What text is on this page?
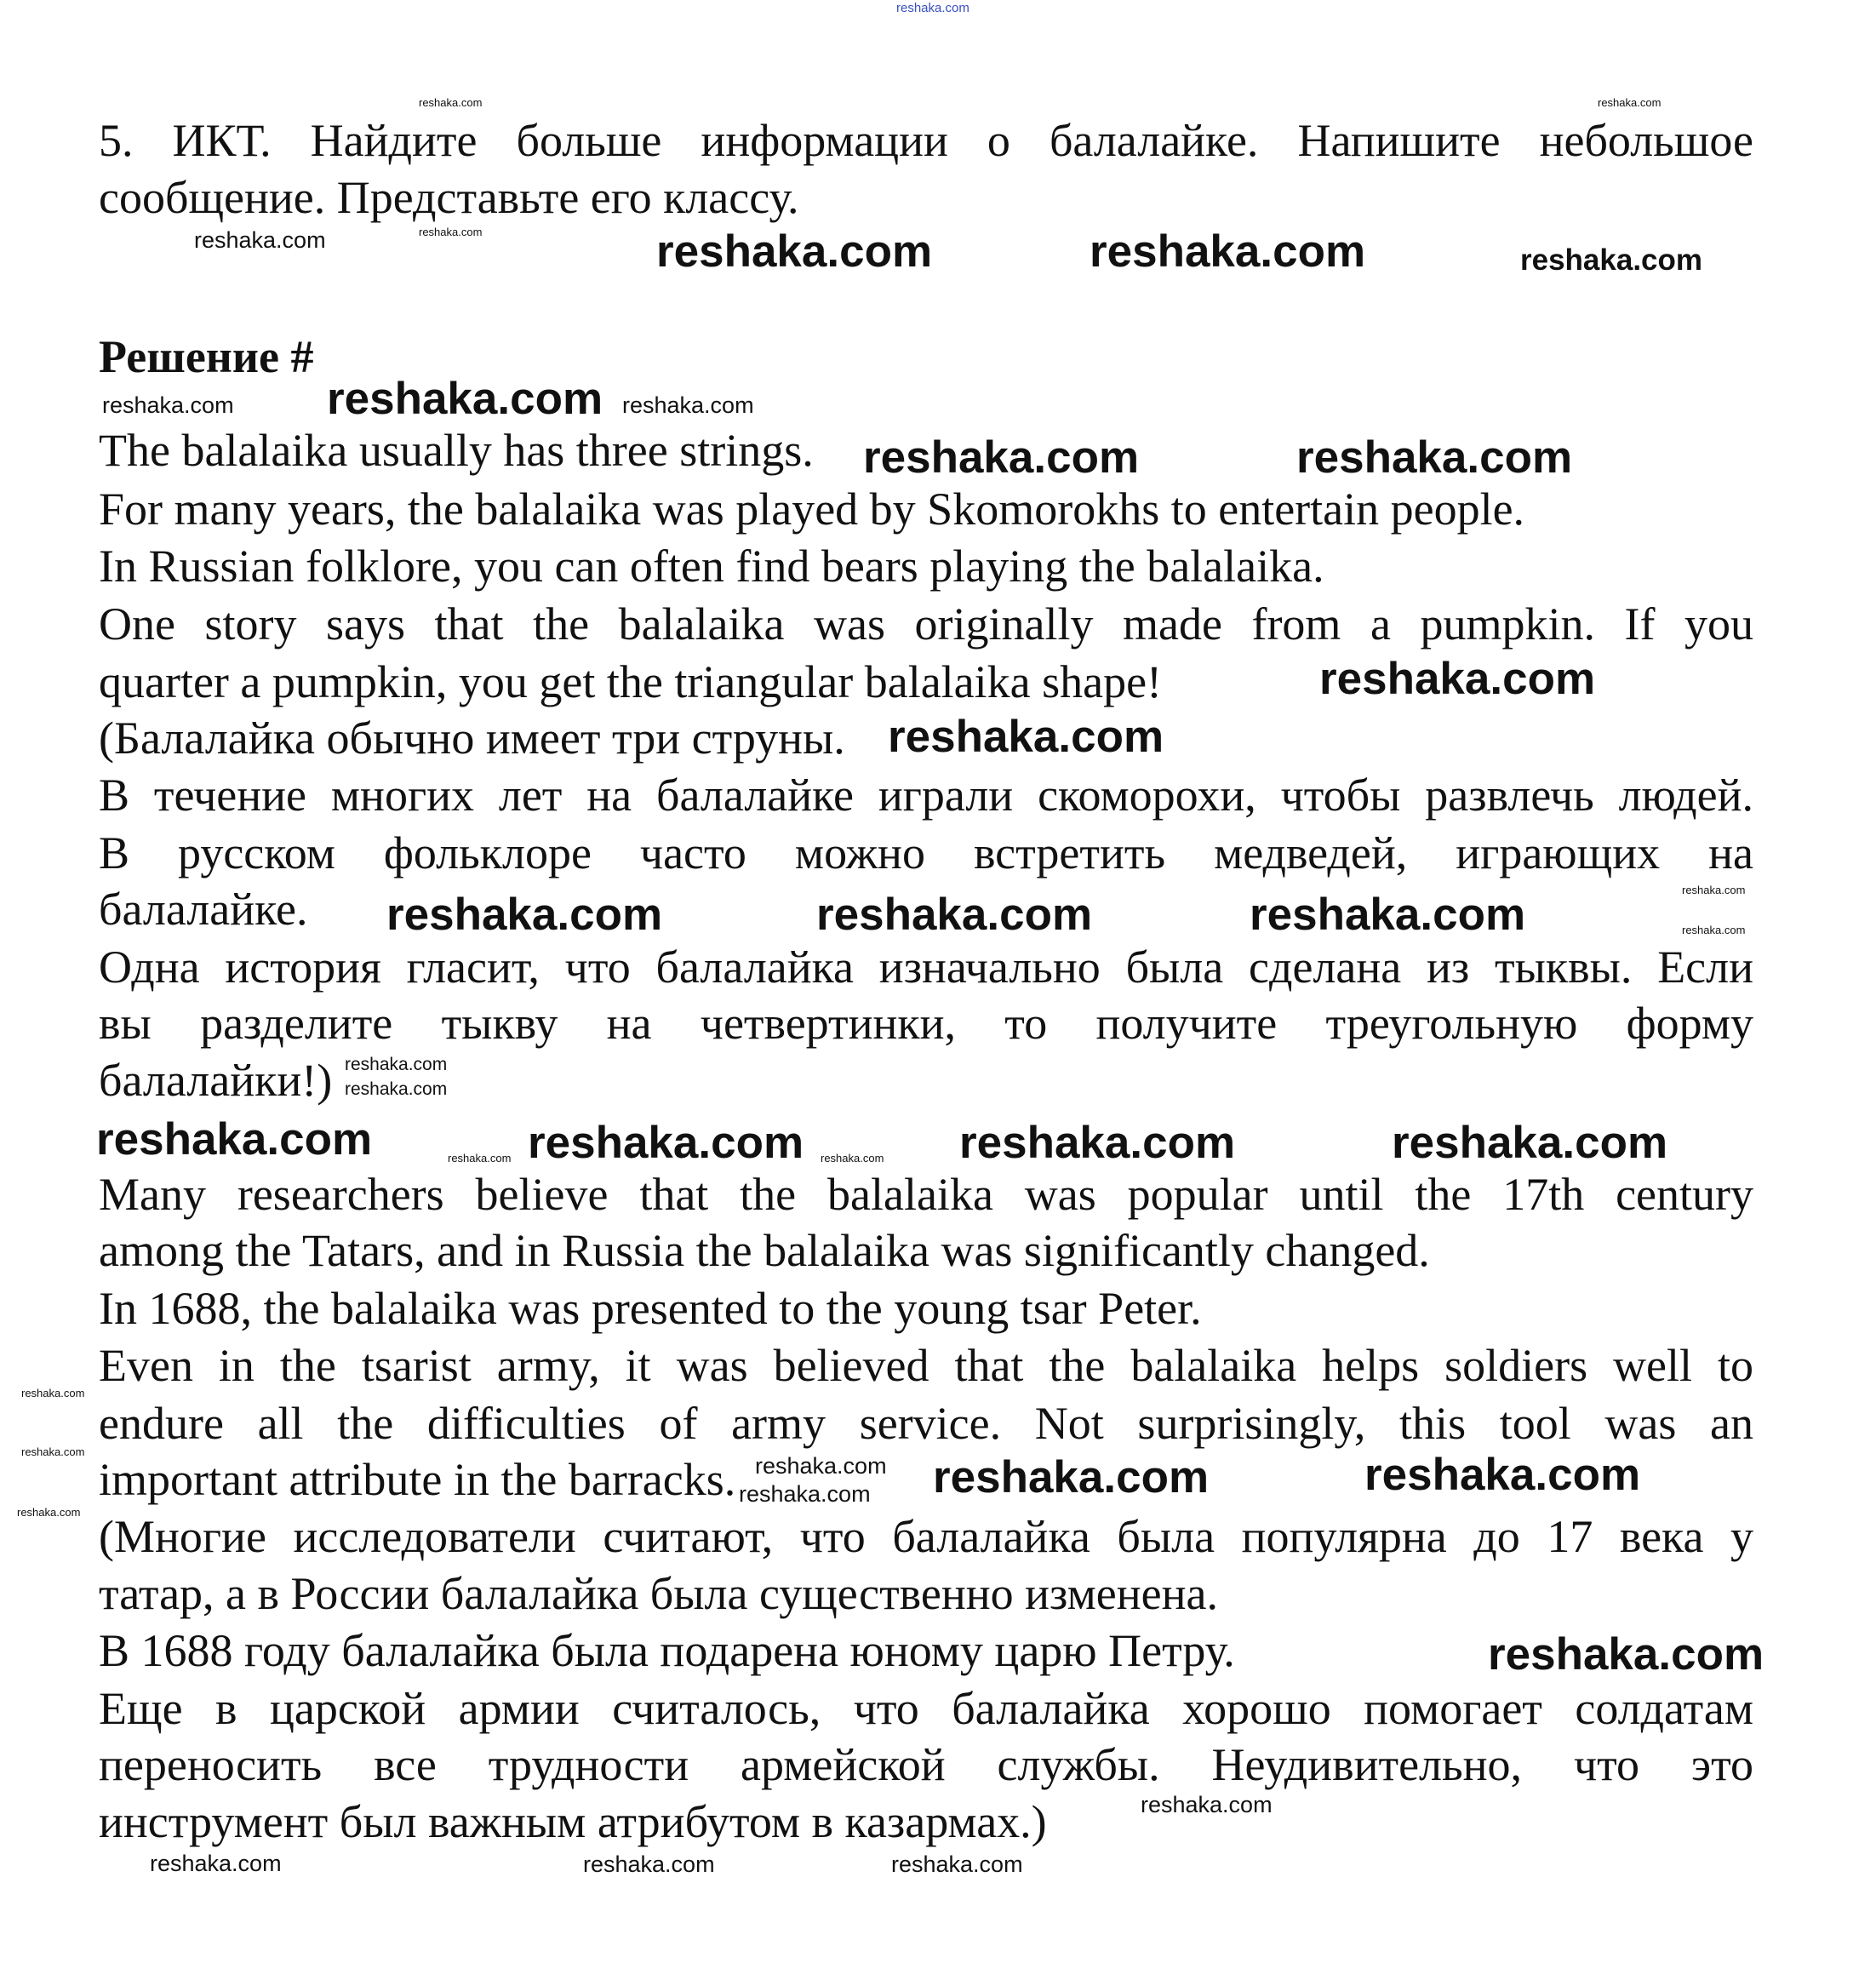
5. ИКТ. Найдите больше информации о балалайке. Напишите небольшое
сообщение. Представьте его классу.
Решение #
The balalaika usually has three strings.
For many years, the balalaika was played by Skomorokhs to entertain people.
In Russian folklore, you can often find bears playing the balalaika.
One story says that the balalaika was originally made from a pumpkin. If you
quarter a pumpkin, you get the triangular balalaika shape!
(Балалайка обычно имеет три струны.
В течение многих лет на балалайке играли скоморохи, чтобы развлечь людей.
В русском фольклоре часто можно встретить медведей, играющих на
балалайке.
Одна история гласит, что балалайка изначально была сделана из тыквы. Если
вы разделите тыкву на четвертинки, то получите треугольную форму
балалайки!)
Many researchers believe that the balalaika was popular until the 17th century
among the Tatars, and in Russia the balalaika was significantly changed.
In 1688, the balalaika was presented to the young tsar Peter.
Even in the tsarist army, it was believed that the balalaika helps soldiers well to
endure all the difficulties of army service. Not surprisingly, this tool was an
important attribute in the barracks.
(Многие исследователи считают, что балалайка была популярна до 17 века у
татар, а в России балалайка была существенно изменена.
В 1688 году балалайка была подарена юному царю Петру.
Еще в царской армии считалось, что балалайка хорошо помогает солдатам
переносить все трудности армейской службы. Неудивительно, что это
инструмент был важным атрибутом в казармах.)
reshaka.com
reshaka.com	reshaka.com
reshaka.com
reshaka.com	reshaka.com
reshaka.com
reshaka.com
reshaka.com	reshaka.com	reshaka.com
reshaka.com	reshaka.com	reshaka.com	reshaka.com
reshaka.com	reshaka.com
reshaka.com
reshaka.com
reshaka.com
reshaka.com	reshaka.com
reshaka.com
reshaka.com
reshaka.com	reshaka.com	reshaka.com
reshaka.com
reshaka.com
reshaka.com
reshaka.com
reshaka.com
reshaka.com
reshaka.com	reshaka.com
reshaka.com
reshaka.com
reshaka.com
reshaka.com	reshaka.com
